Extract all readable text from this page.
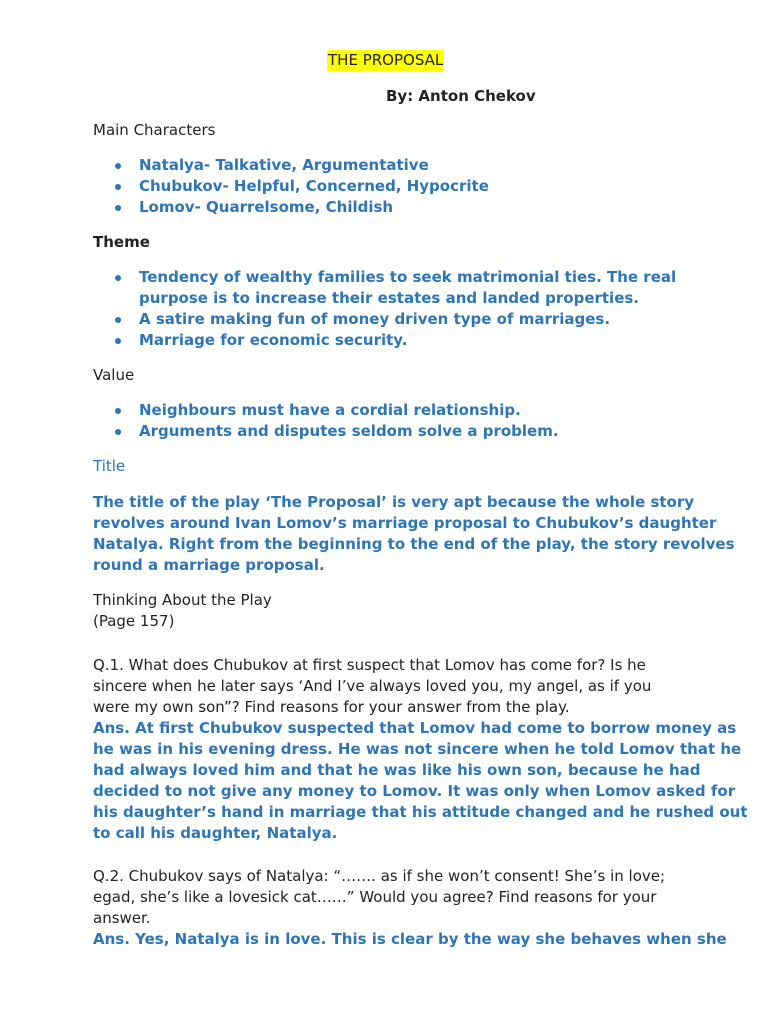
THE PROPOSAL
By: Anton Chekov
Main Characters
Natalya- Talkative, Argumentative
Chubukov- Helpful, Concerned, Hypocrite
Lomov- Quarrelsome, Childish
Theme
Tendency of wealthy families to seek matrimonial ties. The real
purpose is to increase their estates and landed properties.
A satire making fun of money driven type of marriages.
Marriage for economic security.
Value
Neighbours must have a cordial relationship.
Arguments and disputes seldom solve a problem.
Title
The title of the play ‘The Proposal’ is very apt because the whole story
revolves around Ivan Lomov’s marriage proposal to Chubukov’s daughter
Natalya. Right from the beginning to the end of the play, the story revolves
round a marriage proposal.
Thinking About the Play
(Page 157)
Q.1. What does Chubukov at first suspect that Lomov has come for? Is he
sincere when he later says ‘And I’ve always loved you, my angel, as if you
were my own son”? Find reasons for your answer from the play.
Ans. At first Chubukov suspected that Lomov had come to borrow money as
he was in his evening dress. He was not sincere when he told Lomov that he
had always loved him and that he was like his own son, because he had
decided to not give any money to Lomov. It was only when Lomov asked for
his daughter’s hand in marriage that his attitude changed and he rushed out
to call his daughter, Natalya.
Q.2. Chubukov says of Natalya: “……. as if she won’t consent! She’s in love;
egad, she’s like a lovesick cat……” Would you agree? Find reasons for your
answer.
Ans. Yes, Natalya is in love. This is clear by the way she behaves when she
